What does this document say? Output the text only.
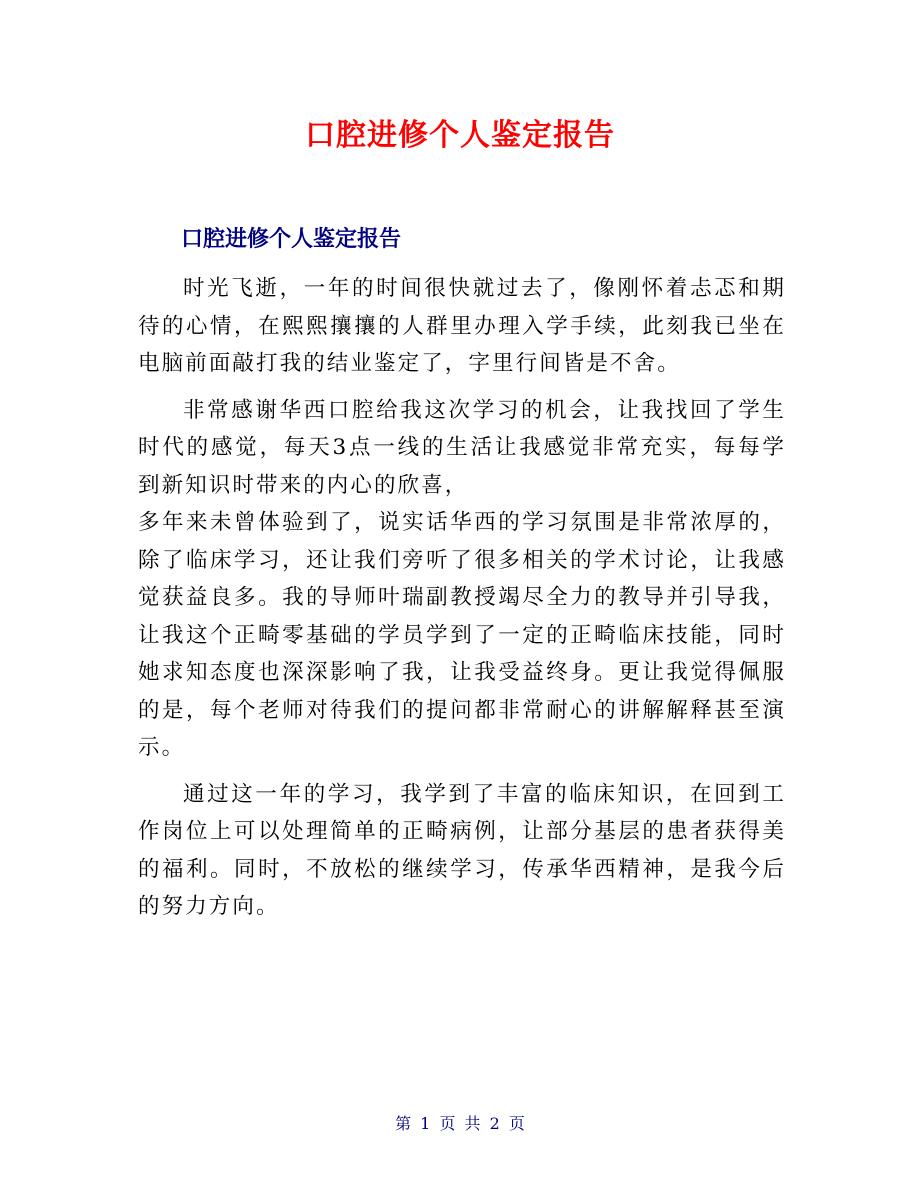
口腔进修个人鉴定报告
口腔进修个人鉴定报告

时光飞逝，一年的时间很快就过去了，像刚怀着忐忑和期待的心情，在熙熙攘攘的人群里办理入学手续，此刻我已坐在电脑前面敲打我的结业鉴定了，字里行间皆是不舍。

非常感谢华西口腔给我这次学习的机会，让我找回了学生时代的感觉，每天3点一线的生活让我感觉非常充实，每每学到新知识时带来的内心的欣喜，

多年来未曾体验到了，说实话华西的学习氛围是非常浓厚的，除了临床学习，还让我们旁听了很多相关的学术讨论，让我感觉获益良多。我的导师叶瑞副教授竭尽全力的教导并引导我，让我这个正畸零基础的学员学到了一定的正畸临床技能，同时她求知态度也深深影响了我，让我受益终身。更让我觉得佩服的是，每个老师对待我们的提问都非常耐心的讲解解释甚至演示。

通过这一年的学习，我学到了丰富的临床知识，在回到工作岗位上可以处理简单的正畸病例，让部分基层的患者获得美的福利。同时，不放松的继续学习，传承华西精神，是我今后的努力方向。

第 1 页 共 2 页
